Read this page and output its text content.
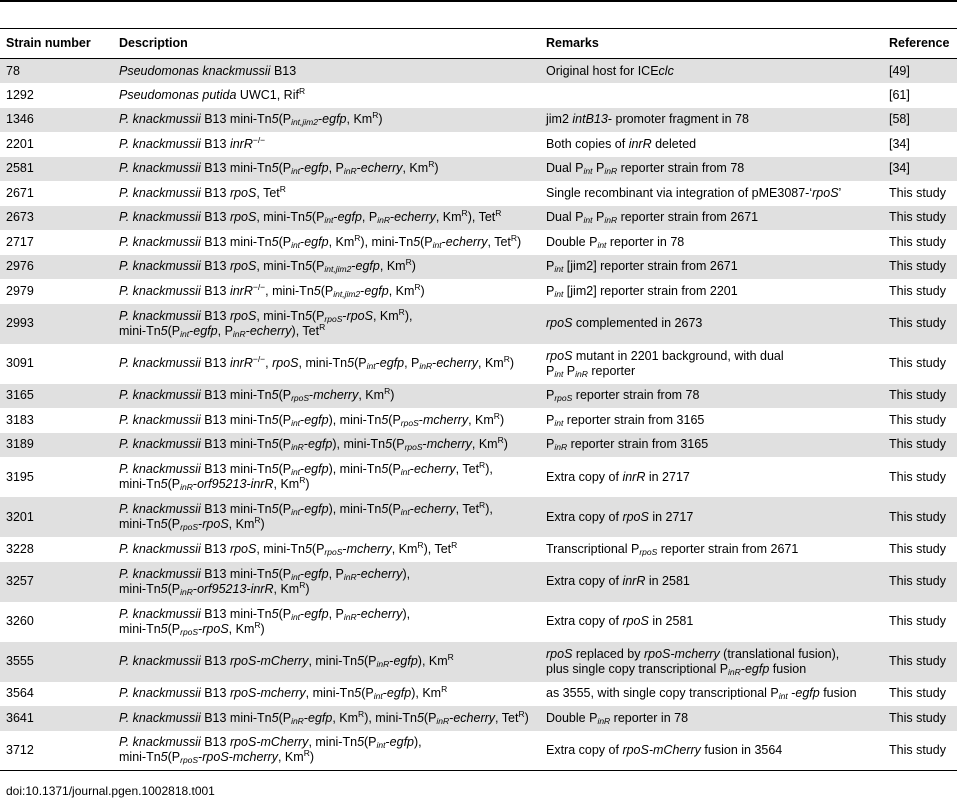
Strain number	Description	Remarks	Reference
78	Pseudomonas knackmussii B13	Original host for ICEclc	[49]
1292	Pseudomonas putida UWC1, Rif$^R$		[61]
1346	P. knackmussii B13 mini-$Tn5(P_{int,jim2}$-egfp, $Km^R$)	jim2 intB13- promoter fragment in 78	[58]
2201	P. knackmussii B13 inrR−/−	Both copies of inrR deleted	[34]
2581	P. knackmussii B13 mini-$Tn5(P_{int}$-egfp, $P_{inR}$-echerry, $Km^R$)	Dual $P_{int}$ $P_{inR}$ reporter strain from 78	[34]
2671	P. knackmussii B13 rpoS, Tet$^R$	Single recombinant via integration of pME3087-‘rpoS’	This study
2673	P. knackmussii B13 rpoS, mini-$Tn5(P_{int}$-egfp, $P_{inR}$-echerry, $Km^R$), Tet$^R$	Dual $P_{int}$ $P_{inR}$ reporter strain from 2671	This study
2717	P. knackmussii B13 mini-$Tn5(P_{int}$-egfp, $Km^R$), mini-$Tn5(P_{int}$-echerry, Tet$^R$)	Double $P_{int}$ reporter in 78	This study
2976	P. knackmussii B13 rpoS, mini-$Tn5(P_{int,jim2}$-egfp, $Km^R$)	$P_{int}$ [jim2] reporter strain from 2671	This study
2979	P. knackmussii B13 inrR−/−, mini-$Tn5(P_{int,jim2}$-egfp, $Km^R$)	$P_{int}$ [jim2] reporter strain from 2201	This study
2993	P. knackmussii B13 rpoS, mini-$Tn5(P_{rpoS}$-rpoS, $Km^R$),
mini-$Tn5(P_{int}$-egfp, $P_{inR}-echerry$), Tet$^R$	rpoS complemented in 2673	This study
3091	P. knackmussii B13 inrR−/−, rpoS, mini-$Tn5(P_{int}$-egfp, $P_{inR}$-echerry, $Km^R$)	rpoS mutant in 2201 background, with dual
$P_{int}$ $P_{inR}$ reporter	This study
3165	P. knackmussii B13 mini-$Tn5(P_{rpoS}$-mcherry, $Km^R$)	$P_{rpoS}$ reporter strain from 78	This study
3183	P. knackmussii B13 mini-$Tn5(P_{int}-egfp)$, mini-$Tn5(P_{rpoS}$-mcherry, $Km^R$)	$P_{int}$ reporter strain from 3165	This study
3189	P. knackmussii B13 mini-$Tn5(P_{inR}-egfp)$, mini-$Tn5(P_{rpoS}$-mcherry, $Km^R$)	$P_{inR}$ reporter strain from 3165	This study
3195	P. knackmussii B13 mini-$Tn5(P_{int}-egfp)$, mini-$Tn5(P_{int}$-echerry, Tet$^R$),
mini-$Tn5(P_{inR}-orf95213$-inrR, $Km^R$)	Extra copy of inrR in 2717	This study
3201	P. knackmussii B13 mini-$Tn5(P_{int}-egfp)$, mini-$Tn5(P_{int}$-echerry, Tet$^R$),
mini-$Tn5(P_{rpoS}$-rpoS, $Km^R$)	Extra copy of rpoS in 2717	This study
3228	P. knackmussii B13 rpoS, mini-$Tn5(P_{rpoS}$-mcherry, $Km^R$), Tet$^R$	Transcriptional $P_{rpoS}$ reporter strain from 2671	This study
3257	P. knackmussii B13 mini-$Tn5(P_{int}$-egfp, $P_{inR}-echerry$),
mini-$Tn5(P_{inR}-orf95213$-inrR, $Km^R$)	Extra copy of inrR in 2581	This study
3260	P. knackmussii B13 mini-$Tn5(P_{int}$-egfp, $P_{inR}-echerry$),
mini-$Tn5(P_{rpoS}$-rpoS, $Km^R$)	Extra copy of rpoS in 2581	This study
3555	P. knackmussii B13 rpoS-mCherry, mini-$Tn5(P_{inR}-egfp)$, $Km^R$	rpoS replaced by rpoS-mcherry (translational fusion),
plus single copy transcriptional $P_{inR}$-egfp fusion	This study
3564	P. knackmussii B13 rpoS-mcherry, mini-$Tn5(P_{int}-egfp)$, $Km^R$	as 3555, with single copy transcriptional $P_{int}$ -egfp fusion	This study
3641	P. knackmussii B13 mini-$Tn5(P_{inR}$-egfp, $Km^R$), mini-$Tn5(P_{inR}$-echerry, Tet$^R$)	Double $P_{inR}$ reporter in 78	This study
3712	P. knackmussii B13 rpoS-mCherry, mini-$Tn5(P_{int}-egfp)$,
mini-$Tn5(P_{rpoS}-rpoS$-mcherry, $Km^R$)	Extra copy of rpoS-mCherry fusion in 3564	This study
doi:10.1371/journal.pgen.1002818.t001
